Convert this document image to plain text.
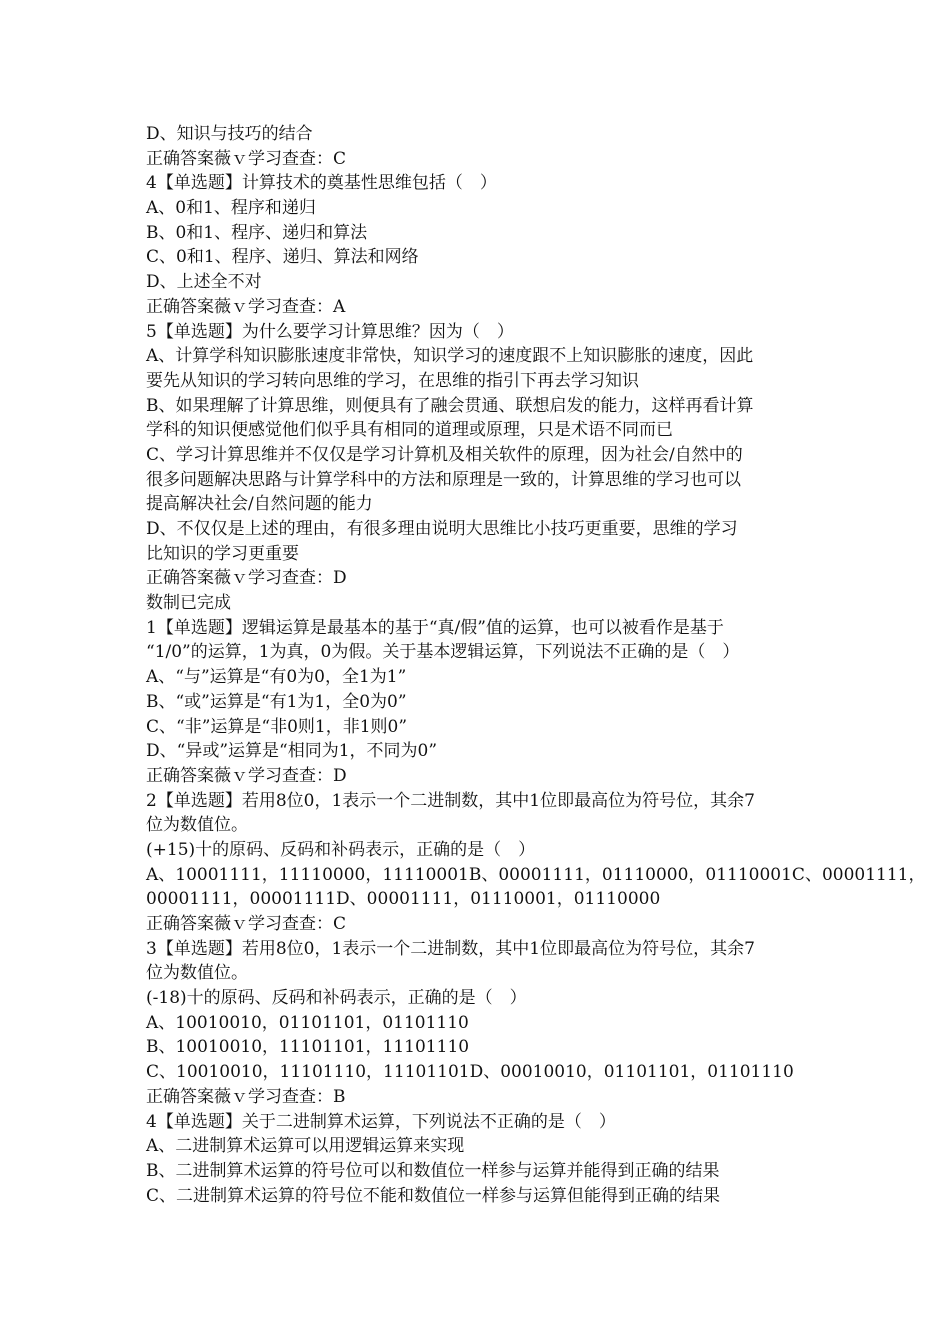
D、知识与技巧的结合
正确答案薇ｖ学习查查：C
4【单选题】计算技术的奠基性思维包括（　）
A、0和1、程序和递归
B、0和1、程序、递归和算法
C、0和1、程序、递归、算法和网络
D、上述全不对
正确答案薇ｖ学习查查：A
5【单选题】为什么要学习计算思维？因为（　）
A、计算学科知识膨胀速度非常快，知识学习的速度跟不上知识膨胀的速度，因此
要先从知识的学习转向思维的学习，在思维的指引下再去学习知识
B、如果理解了计算思维，则便具有了融会贯通、联想启发的能力，这样再看计算
学科的知识便感觉他们似乎具有相同的道理或原理，只是术语不同而已
C、学习计算思维并不仅仅是学习计算机及相关软件的原理，因为社会/自然中的
很多问题解决思路与计算学科中的方法和原理是一致的，计算思维的学习也可以
提高解决社会/自然问题的能力
D、不仅仅是上述的理由，有很多理由说明大思维比小技巧更重要，思维的学习
比知识的学习更重要
正确答案薇ｖ学习查查：D
数制已完成
1【单选题】逻辑运算是最基本的基于“真/假”值的运算，也可以被看作是基于
“1/0”的运算，1为真，0为假。关于基本逻辑运算，下列说法不正确的是（　）
A、“与”运算是“有0为0，全1为1”
B、“或”运算是“有1为1，全0为0”
C、“非”运算是“非0则1，非1则0”
D、“异或”运算是“相同为1，不同为0”
正确答案薇ｖ学习查查：D
2【单选题】若用8位0，1表示一个二进制数，其中1位即最高位为符号位，其余7
位为数值位。
(+15)十的原码、反码和补码表示，正确的是（　）
A、10001111，11110000，11110001B、00001111，01110000，01110001C、00001111，
00001111，00001111D、00001111，01110001，01110000
正确答案薇ｖ学习查查：C
3【单选题】若用8位0，1表示一个二进制数，其中1位即最高位为符号位，其余7
位为数值位。
(-18)十的原码、反码和补码表示，正确的是（　）
A、10010010，01101101，01101110
B、10010010，11101101，11101110
C、10010010，11101110，11101101D、00010010，01101101，01101110
正确答案薇ｖ学习查查：B
4【单选题】关于二进制算术运算，下列说法不正确的是（　）
A、二进制算术运算可以用逻辑运算来实现
B、二进制算术运算的符号位可以和数值位一样参与运算并能得到正确的结果
C、二进制算术运算的符号位不能和数值位一样参与运算但能得到正确的结果
